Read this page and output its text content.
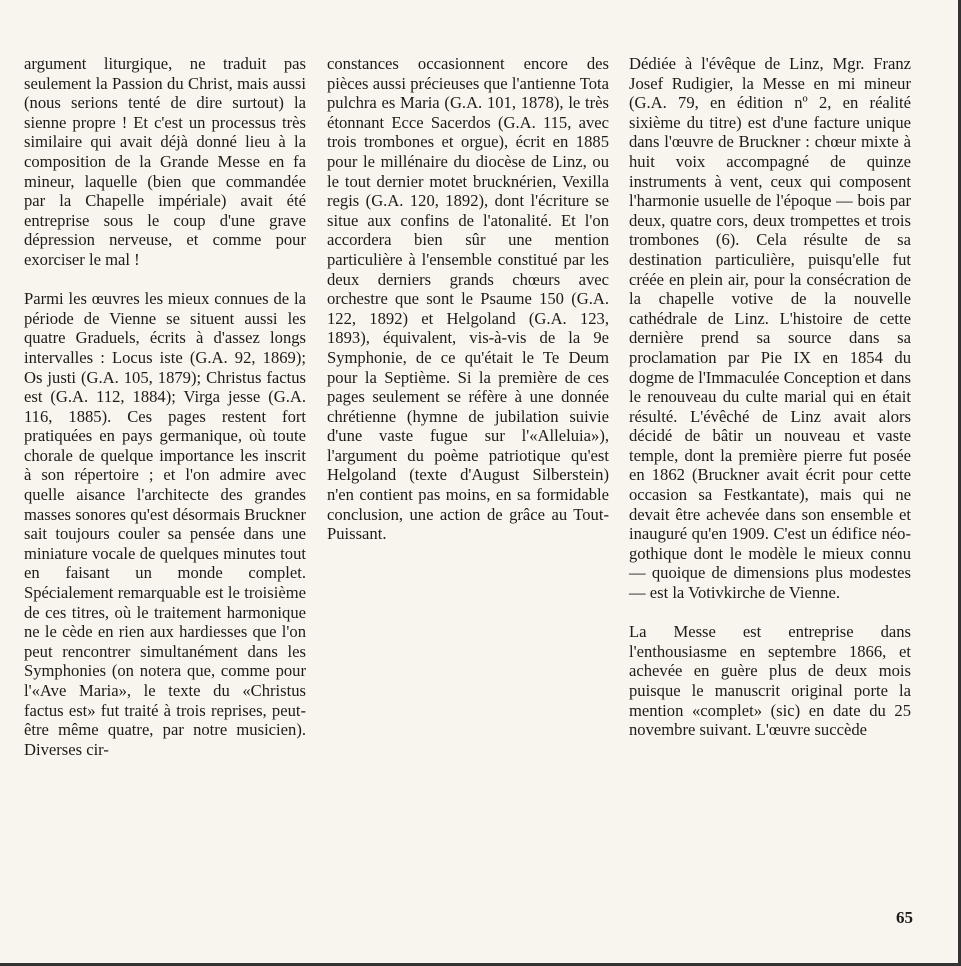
argument liturgique, ne traduit pas seulement la Passion du Christ, mais aussi (nous serions tenté de dire surtout) la sienne propre ! Et c'est un processus très similaire qui avait déjà donné lieu à la composition de la Grande Messe en fa mineur, laquelle (bien que commandée par la Chapelle impériale) avait été entreprise sous le coup d'une grave dépression nerveuse, et comme pour exorciser le mal !

Parmi les œuvres les mieux connues de la période de Vienne se situent aussi les quatre Graduels, écrits à d'assez longs intervalles : Locus iste (G.A. 92, 1869); Os justi (G.A. 105, 1879); Christus factus est (G.A. 112, 1884); Virga jesse (G.A. 116, 1885). Ces pages restent fort pratiquées en pays germanique, où toute chorale de quelque importance les inscrit à son répertoire ; et l'on admire avec quelle aisance l'architecte des grandes masses sonores qu'est désormais Bruckner sait toujours couler sa pensée dans une miniature vocale de quelques minutes tout en faisant un monde complet. Spécialement remarquable est le troisième de ces titres, où le traitement harmonique ne le cède en rien aux hardiesses que l'on peut rencontrer simultanément dans les Symphonies (on notera que, comme pour l'«Ave Maria», le texte du «Christus factus est» fut traité à trois reprises, peut-être même quatre, par notre musicien). Diverses cir-

constances occasionnent encore des pièces aussi précieuses que l'antienne Tota pulchra es Maria (G.A. 101, 1878), le très étonnant Ecce Sacerdos (G.A. 115, avec trois trombones et orgue), écrit en 1885 pour le millénaire du diocèse de Linz, ou le tout dernier motet brucknérien, Vexilla regis (G.A. 120, 1892), dont l'écriture se situe aux confins de l'atonalité. Et l'on accordera bien sûr une mention particulière à l'ensemble constitué par les deux derniers grands chœurs avec orchestre que sont le Psaume 150 (G.A. 122, 1892) et Helgoland (G.A. 123, 1893), équivalent, vis-à-vis de la 9e Symphonie, de ce qu'était le Te Deum pour la Septième. Si la première de ces pages seulement se réfère à une donnée chrétienne (hymne de jubilation suivie d'une vaste fugue sur l'«Alleluia»), l'argument du poème patriotique qu'est Helgoland (texte d'August Silberstein) n'en contient pas moins, en sa formidable conclusion, une action de grâce au Tout-Puissant.

Dédiée à l'évêque de Linz, Mgr. Franz Josef Rudigier, la Messe en mi mineur (G.A. 79, en édition nº 2, en réalité sixième du titre) est d'une facture unique dans l'œuvre de Bruckner : chœur mixte à huit voix accompagné de quinze instruments à vent, ceux qui composent l'harmonie usuelle de l'époque — bois par deux, quatre cors, deux trompettes et trois trombones (6). Cela résulte de sa destination particulière, puisqu'elle fut créée en plein air, pour la consécration de la chapelle votive de la nouvelle cathédrale de Linz. L'histoire de cette dernière prend sa source dans sa proclamation par Pie IX en 1854 du dogme de l'Immaculée Conception et dans le renouveau du culte marial qui en était résulté. L'évêché de Linz avait alors décidé de bâtir un nouveau et vaste temple, dont la première pierre fut posée en 1862 (Bruckner avait écrit pour cette occasion sa Festkantate), mais qui ne devait être achevée dans son ensemble et inauguré qu'en 1909. C'est un édifice néo-gothique dont le modèle le mieux connu — quoique de dimensions plus modestes — est la Votivkirche de Vienne.

La Messe est entreprise dans l'enthousiasme en septembre 1866, et achevée en guère plus de deux mois puisque le manuscrit original porte la mention «complet» (sic) en date du 25 novembre suivant. L'œuvre succède

65
